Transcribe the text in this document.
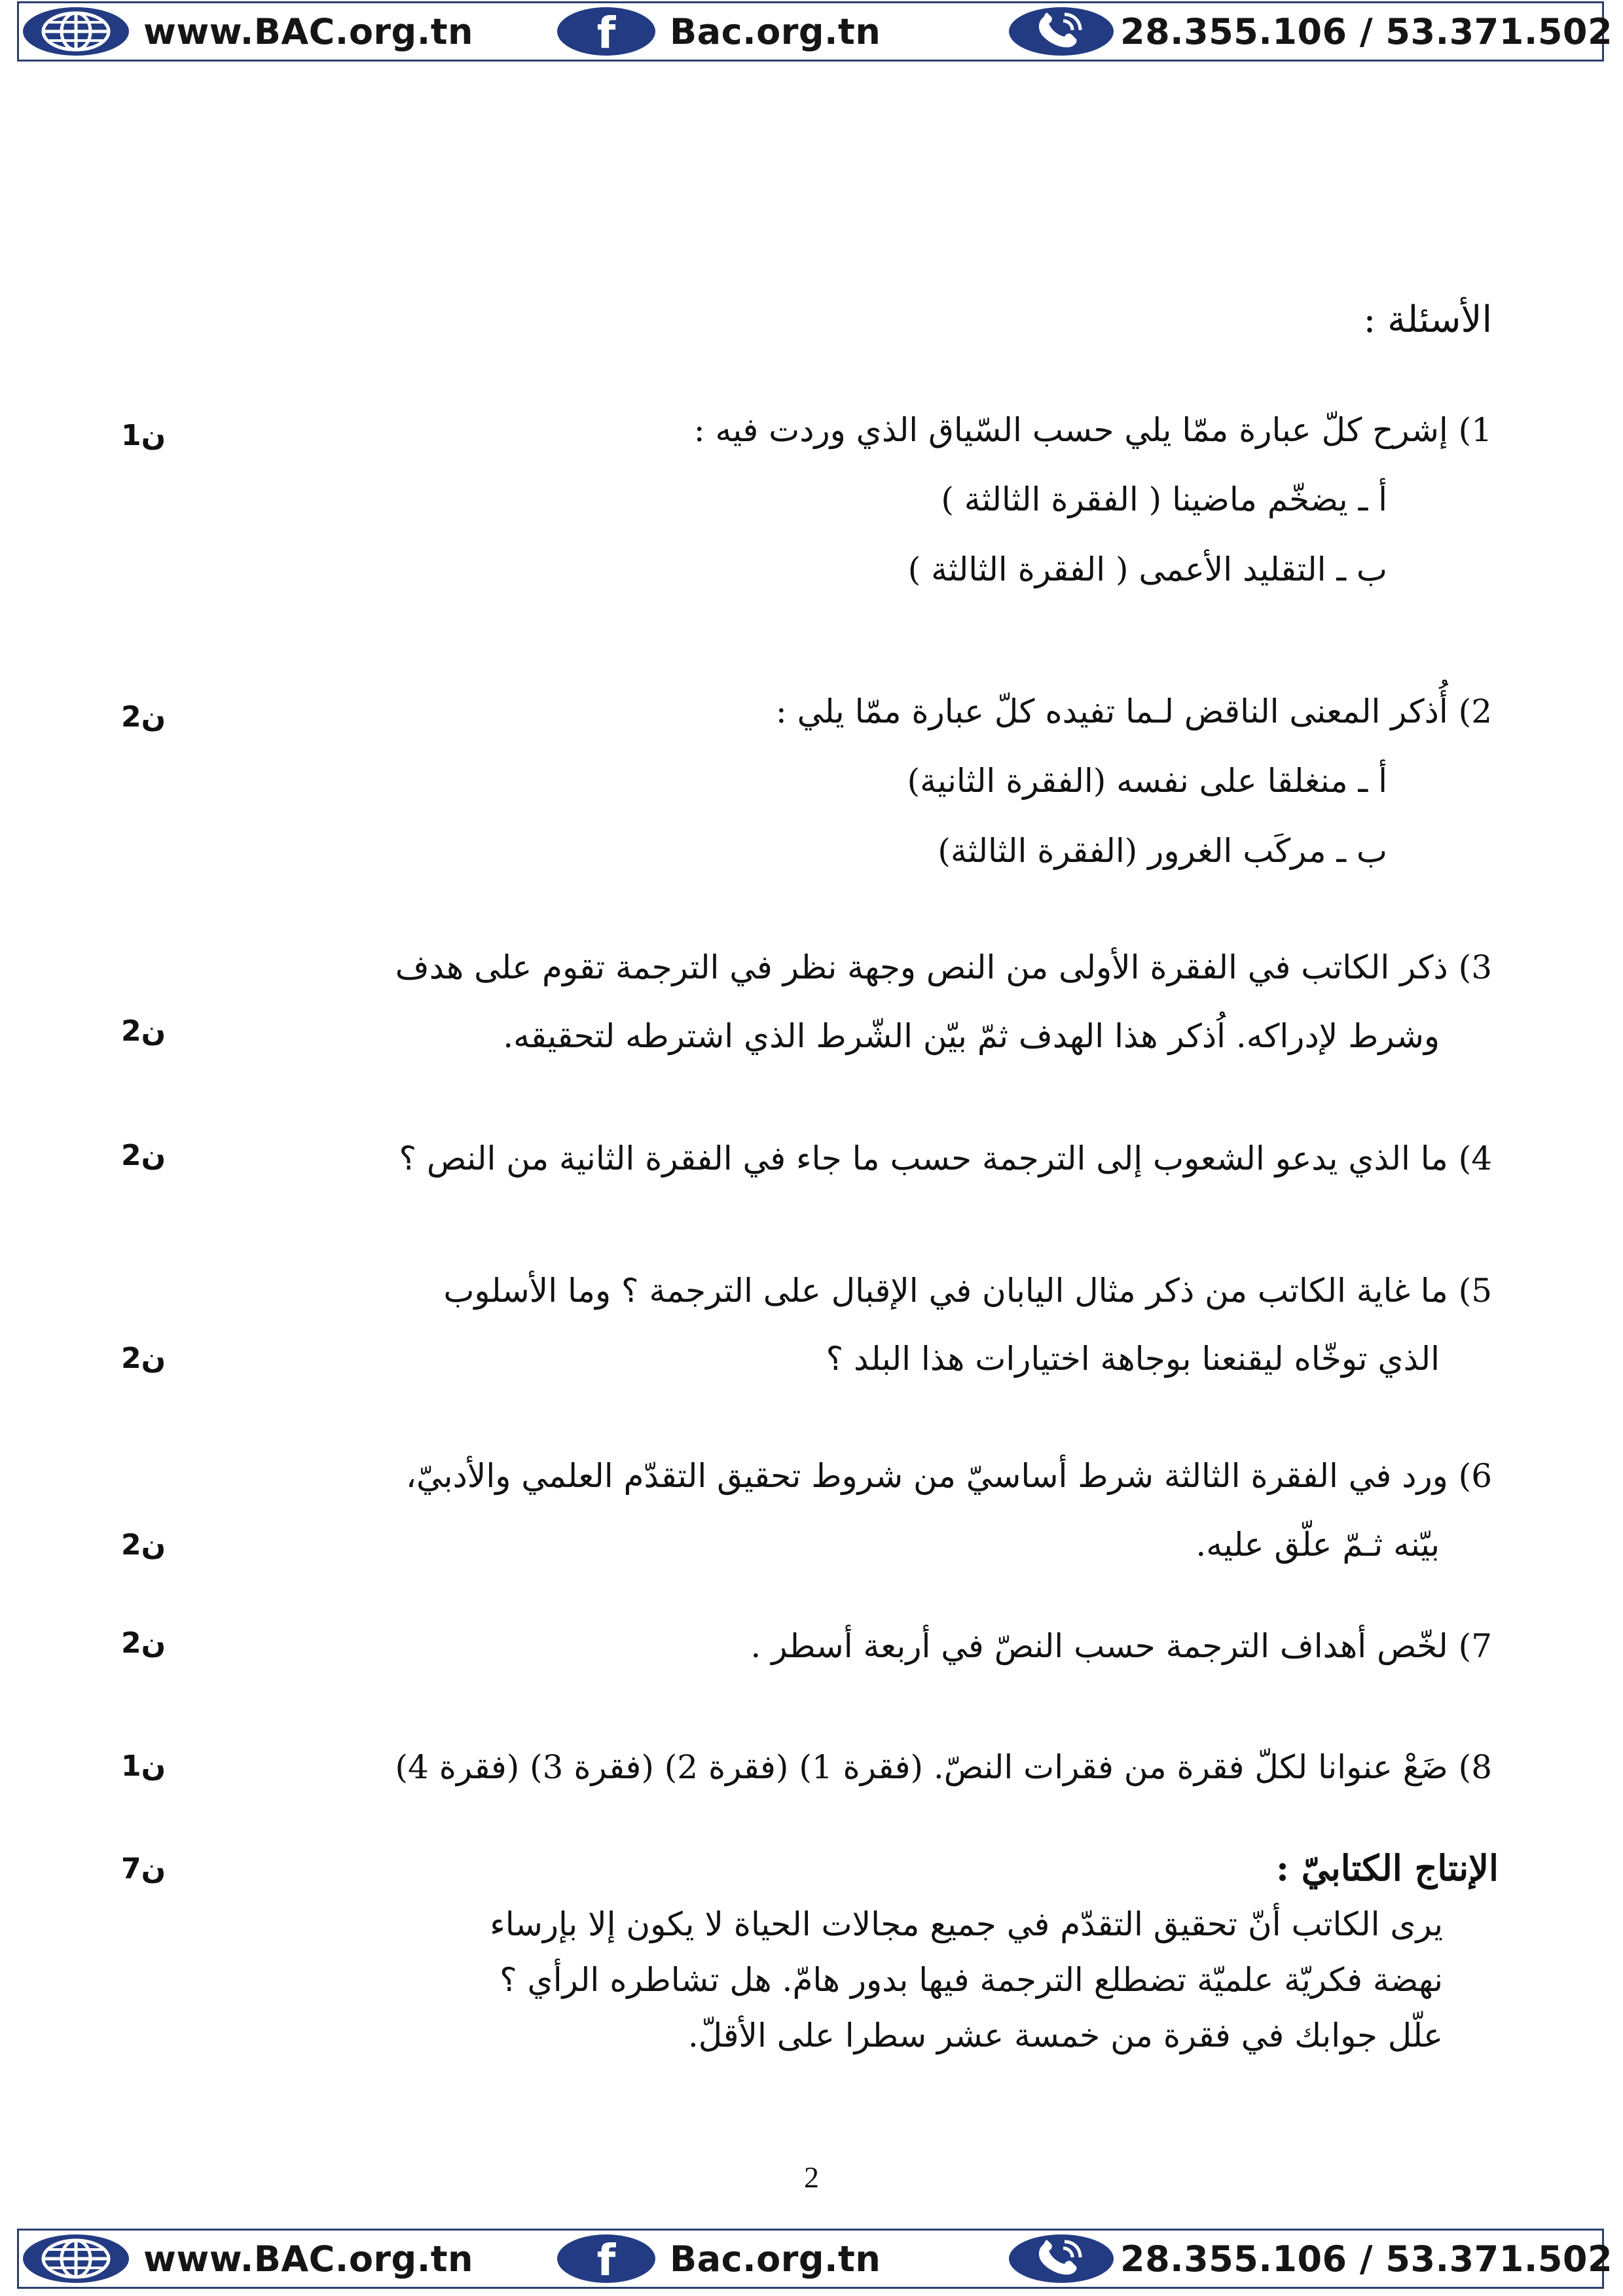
www.BAC.org.tn	f Bac.org.tn	28.355.106 / 53.371.502
الأسئلة :
1) إشرح كلّ عبارة ممّا يلي حسب السّياق الذي وردت فيه :
أ ـ يضخّم ماضينا ( الفقرة الثالثة )
ب ـ التقليد الأعمى ( الفقرة الثالثة )
1ن
2) أُذكر المعنى الناقض لـما تفيده كلّ عبارة ممّا يلي :
أ ـ منغلقا على نفسه (الفقرة الثانية)
ب ـ مركَب الغرور (الفقرة الثالثة)
2ن
3) ذكر الكاتب في الفقرة الأولى من النص وجهة نظر في الترجمة تقوم على هدف
وشرط لإدراكه. اُذكر هذا الهدف ثمّ بيّن الشّرط الذي اشترطه لتحقيقه.
2ن
4) ما الذي يدعو الشعوب إلى الترجمة حسب ما جاء في الفقرة الثانية من النص ؟
2ن
5) ما غاية الكاتب من ذكر مثال اليابان في الإقبال على الترجمة ؟ وما الأسلوب
الذي توخّاه ليقنعنا بوجاهة اختيارات هذا البلد ؟
2ن
6) ورد في الفقرة الثالثة شرط أساسيّ من شروط تحقيق التقدّم العلمي والأدبيّ،
بيّنه ثـمّ علّق عليه.
2ن
7) لخّص أهداف الترجمة حسب النصّ في أربعة أسطر .
2ن
8) ضَعْ عنوانا لكلّ فقرة من فقرات النصّ. (فقرة 1) (فقرة 2) (فقرة 3) (فقرة 4)
1ن
الإنتاج الكتابيّ :
7ن
يرى الكاتب أنّ تحقيق التقدّم في جميع مجالات الحياة لا يكون إلا بإرساء
نهضة فكريّة علميّة تضطلع الترجمة فيها بدور هامّ. هل تشاطره الرأي ؟
علّل جوابك في فقرة من خمسة عشر سطرا على الأقلّ.
2
www.BAC.org.tn	f Bac.org.tn	28.355.106 / 53.371.502
